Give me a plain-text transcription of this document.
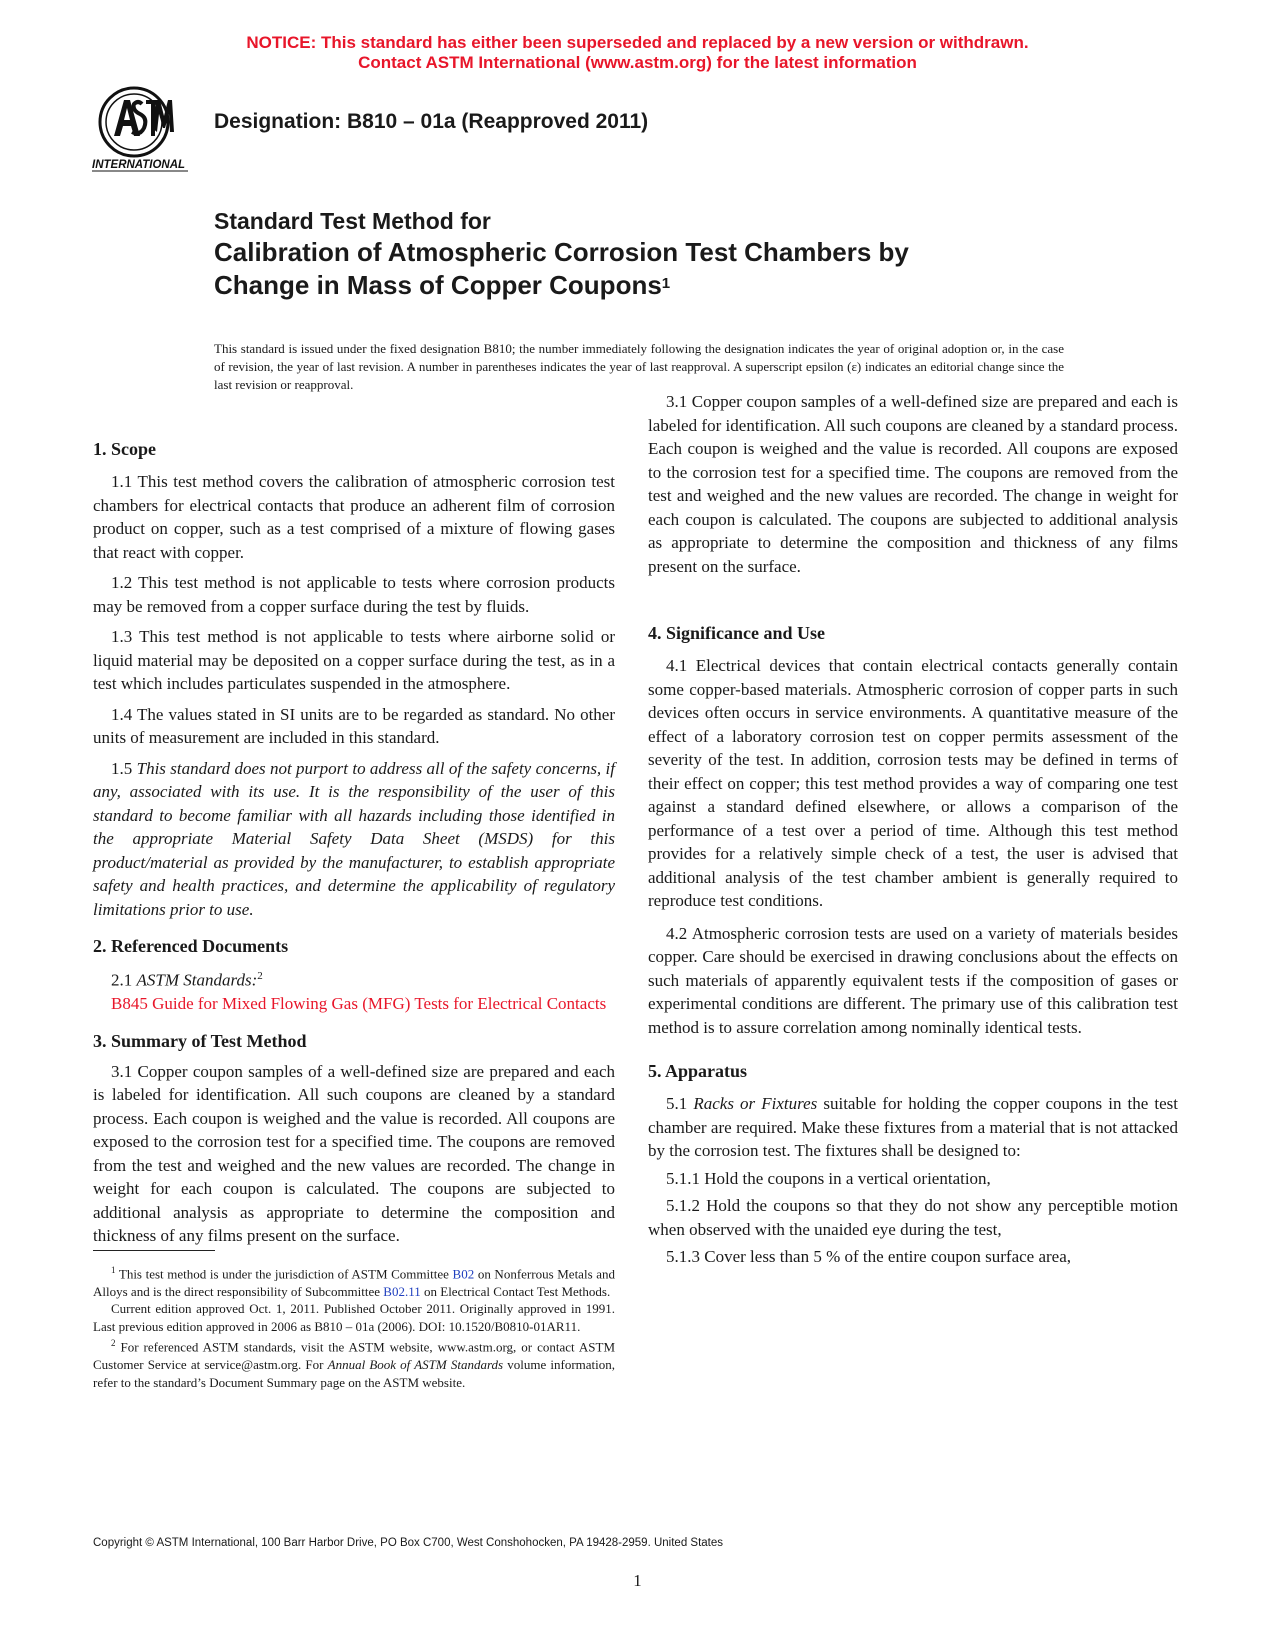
NOTICE: This standard has either been superseded and replaced by a new version or withdrawn.
Contact ASTM International (www.astm.org) for the latest information
INTERNATIONAL
Designation: B810 – 01a (Reapproved 2011)
Standard Test Method for
Calibration of Atmospheric Corrosion Test Chambers by
Change in Mass of Copper Coupons$^1$
This standard is issued under the fixed designation B810; the number immediately following the designation indicates the year of original adoption or, in the case of revision, the year of last revision. A number in parentheses indicates the year of last reapproval. A superscript epsilon (ε) indicates an editorial change since the last revision or reapproval.
1. Scope

1.1 This test method covers the calibration of atmospheric corrosion test chambers for electrical contacts that produce an adherent film of corrosion product on copper, such as a test comprised of a mixture of flowing gases that react with copper.

1.2 This test method is not applicable to tests where corrosion products may be removed from a copper surface during the test by fluids.

1.3 This test method is not applicable to tests where airborne solid or liquid material may be deposited on a copper surface during the test, as in a test which includes particulates suspended in the atmosphere.

1.4 The values stated in SI units are to be regarded as standard. No other units of measurement are included in this standard.

1.5 This standard does not purport to address all of the safety concerns, if any, associated with its use. It is the responsibility of the user of this standard to become familiar with all hazards including those identified in the appropriate Material Safety Data Sheet (MSDS) for this product/material as provided by the manufacturer, to establish appropriate safety and health practices, and determine the applicability of regulatory limitations prior to use.

2. Referenced Documents

2.1 ASTM Standards:$^2$

B845 Guide for Mixed Flowing Gas (MFG) Tests for Electrical Contacts

3. Summary of Test Method

3.1 Copper coupon samples of a well-defined size are prepared and each is labeled for identification. All such coupons are cleaned by a standard process. Each coupon is weighed and the value is recorded. All coupons are exposed to the corrosion test for a specified time. The coupons are removed from the test and weighed and the new values are recorded. The change in weight for each coupon is calculated. The coupons are subjected to additional analysis as appropriate to determine the composition and thickness of any films present on the surface.

$^1$ This test method is under the jurisdiction of ASTM Committee B02 on Nonferrous Metals and Alloys and is the direct responsibility of Subcommittee B02.11 on Electrical Contact Test Methods.

Current edition approved Oct. 1, 2011. Published October 2011. Originally approved in 1991. Last previous edition approved in 2006 as B810 – 01a (2006). DOI: 10.1520/B0810-01AR11.

$^2$ For referenced ASTM standards, visit the ASTM website, www.astm.org, or contact ASTM Customer Service at service@astm.org. For Annual Book of ASTM Standards volume information, refer to the standard’s Document Summary page on the ASTM website.

3.1 Copper coupon samples of a well-defined size are prepared and each is labeled for identification. All such coupons are cleaned by a standard process. Each coupon is weighed and the value is recorded. All coupons are exposed to the corrosion test for a specified time. The coupons are removed from the test and weighed and the new values are recorded. The change in weight for each coupon is calculated. The coupons are subjected to additional analysis as appropriate to determine the composition and thickness of any films present on the surface.

4. Significance and Use

4.1 Electrical devices that contain electrical contacts generally contain some copper-based materials. Atmospheric corrosion of copper parts in such devices often occurs in service environments. A quantitative measure of the effect of a laboratory corrosion test on copper permits assessment of the severity of the test. In addition, corrosion tests may be defined in terms of their effect on copper; this test method provides a way of comparing one test against a standard defined elsewhere, or allows a comparison of the performance of a test over a period of time. Although this test method provides for a relatively simple check of a test, the user is advised that additional analysis of the test chamber ambient is generally required to reproduce test conditions.

4.2 Atmospheric corrosion tests are used on a variety of materials besides copper. Care should be exercised in drawing conclusions about the effects on such materials of apparently equivalent tests if the composition of gases or experimental conditions are different. The primary use of this calibration test method is to assure correlation among nominally identical tests.

5. Apparatus

5.1 Racks or Fixtures suitable for holding the copper coupons in the test chamber are required. Make these fixtures from a material that is not attacked by the corrosion test. The fixtures shall be designed to:

5.1.1 Hold the coupons in a vertical orientation,

5.1.2 Hold the coupons so that they do not show any perceptible motion when observed with the unaided eye during the test,

5.1.3 Cover less than 5 % of the entire coupon surface area,

Copyright © ASTM International, 100 Barr Harbor Drive, PO Box C700, West Conshohocken, PA 19428-2959. United States
1
